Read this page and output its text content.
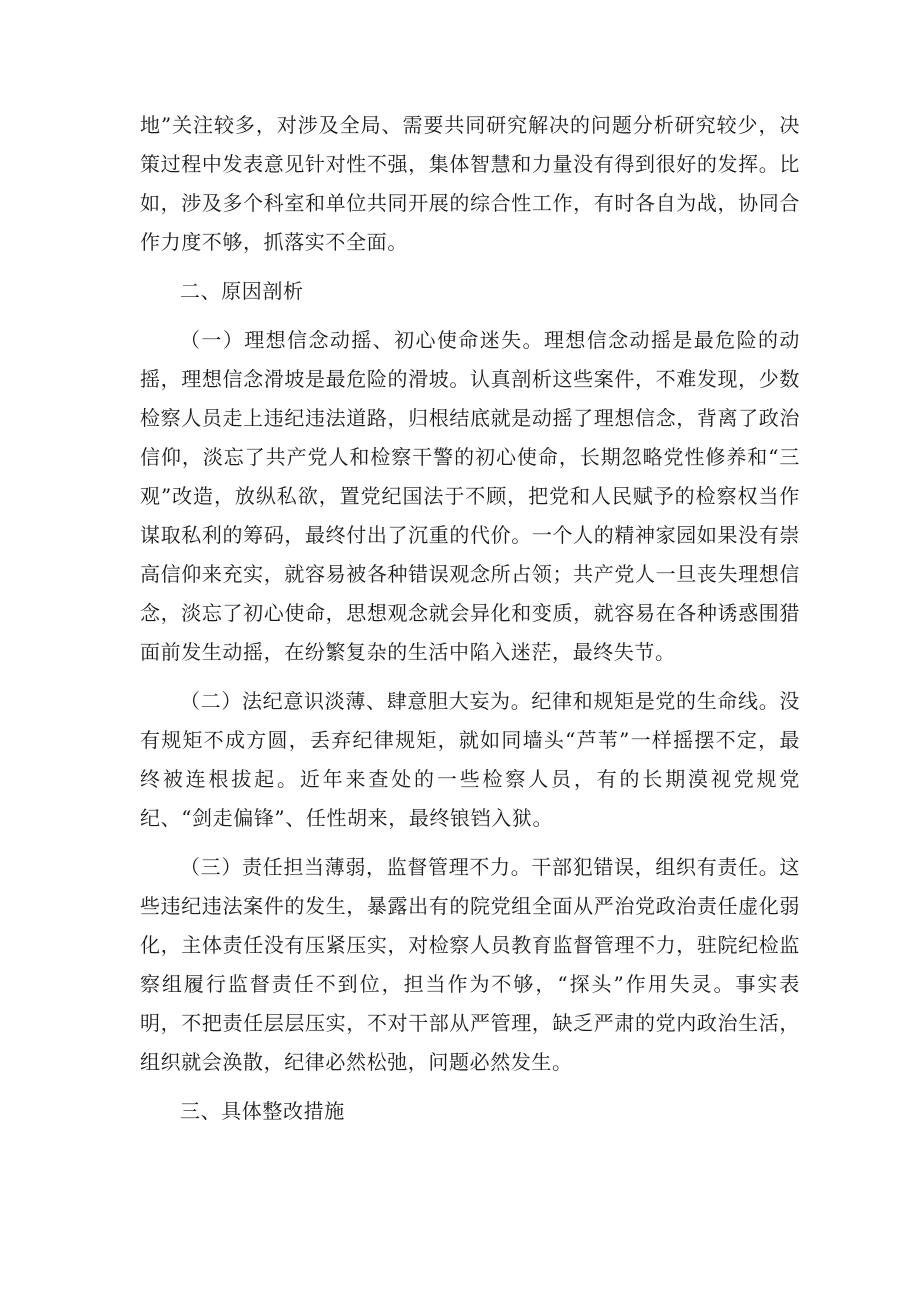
地”关注较多，对涉及全局、需要共同研究解决的问题分析研究较少，决策过程中发表意见针对性不强，集体智慧和力量没有得到很好的发挥。比如，涉及多个科室和单位共同开展的综合性工作，有时各自为战，协同合作力度不够，抓落实不全面。

二、原因剖析

（一）理想信念动摇、初心使命迷失。理想信念动摇是最危险的动摇，理想信念滑坡是最危险的滑坡。认真剖析这些案件，不难发现，少数检察人员走上违纪违法道路，归根结底就是动摇了理想信念，背离了政治信仰，淡忘了共产党人和检察干警的初心使命，长期忽略党性修养和“三观”改造，放纵私欲，置党纪国法于不顾，把党和人民赋予的检察权当作谋取私利的筹码，最终付出了沉重的代价。一个人的精神家园如果没有崇高信仰来充实，就容易被各种错误观念所占领；共产党人一旦丧失理想信念，淡忘了初心使命，思想观念就会异化和变质，就容易在各种诱惑围猎面前发生动摇，在纷繁复杂的生活中陷入迷茫，最终失节。

（二）法纪意识淡薄、肆意胆大妄为。纪律和规矩是党的生命线。没有规矩不成方圆，丢弃纪律规矩，就如同墙头“芦苇”一样摇摆不定，最终被连根拔起。近年来查处的一些检察人员，有的长期漠视党规党纪、“剑走偏锋”、任性胡来，最终锒铛入狱。

（三）责任担当薄弱，监督管理不力。干部犯错误，组织有责任。这些违纪违法案件的发生，暴露出有的院党组全面从严治党政治责任虚化弱化，主体责任没有压紧压实，对检察人员教育监督管理不力，驻院纪检监察组履行监督责任不到位，担当作为不够，“探头”作用失灵。事实表明，不把责任层层压实，不对干部从严管理，缺乏严肃的党内政治生活，组织就会涣散，纪律必然松弛，问题必然发生。

三、具体整改措施
